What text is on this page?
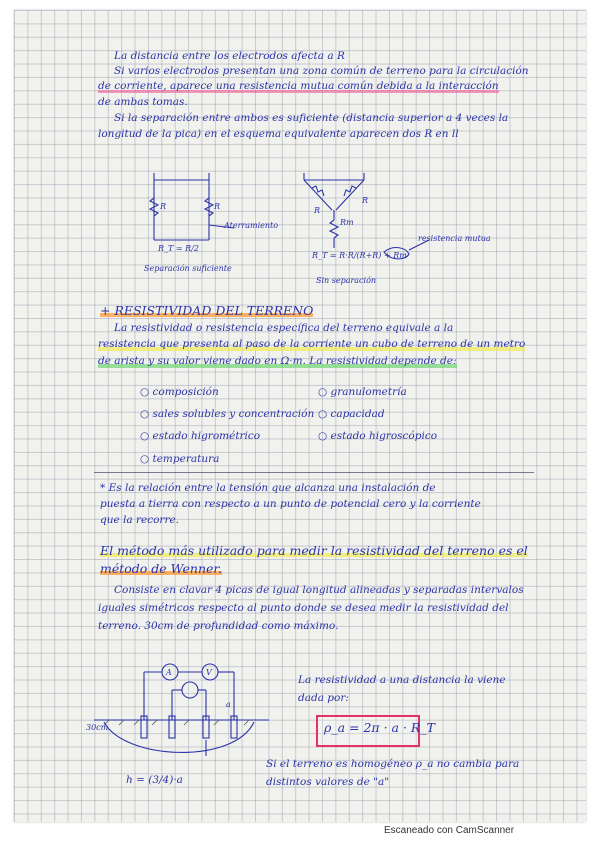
La distancia entre los electrodos afecta a R
Si varios electrodos presentan una zona común de terreno para la circulación
de corriente, aparece una resistencia mutua común debida a la interacción
de ambas tomas.
Si la separación entre ambos es suficiente (distancia superior a 4 veces la
longitud de la pica) en el esquema equivalente aparecen dos R en ll
R	R
Aterramiento
R_T = R/2
Separación suficiente
R
R
Rm
resistencia mutua
R_T = R·R/(R+R) + Rm
Sin separación
+ RESISTIVIDAD DEL TERRENO
La resistividad o resistencia específica del terreno equivale a la
resistencia que presenta al paso de la corriente un cubo de terreno de un metro
de arista y su valor viene dado en Ω·m. La resistividad depende de:
○ composición
○ sales solubles y concentración
○ estado higrométrico
○ temperatura
○ granulometría
○ capacidad
○ estado higroscópico
* Es la relación entre la tensión que alcanza una instalación de
puesta a tierra con respecto a un punto de potencial cero y la corriente
que la recorre.
El método más utilizado para medir la resistividad del terreno es el
método de Wenner.
Consiste en clavar 4 picas de igual longitud alineadas y separadas intervalos
iguales simétricos respecto al punto donde se desea medir la resistividad del
terreno. 30cm de profundidad como máximo.
A	V
30cm
a
h = (3/4)·a
La resistividad a una distancia la viene
dada por:
ρ_a = 2π · a · R_T
Si el terreno es homogéneo ρ_a no cambia para
distintos valores de "a"
Escaneado con CamScanner
